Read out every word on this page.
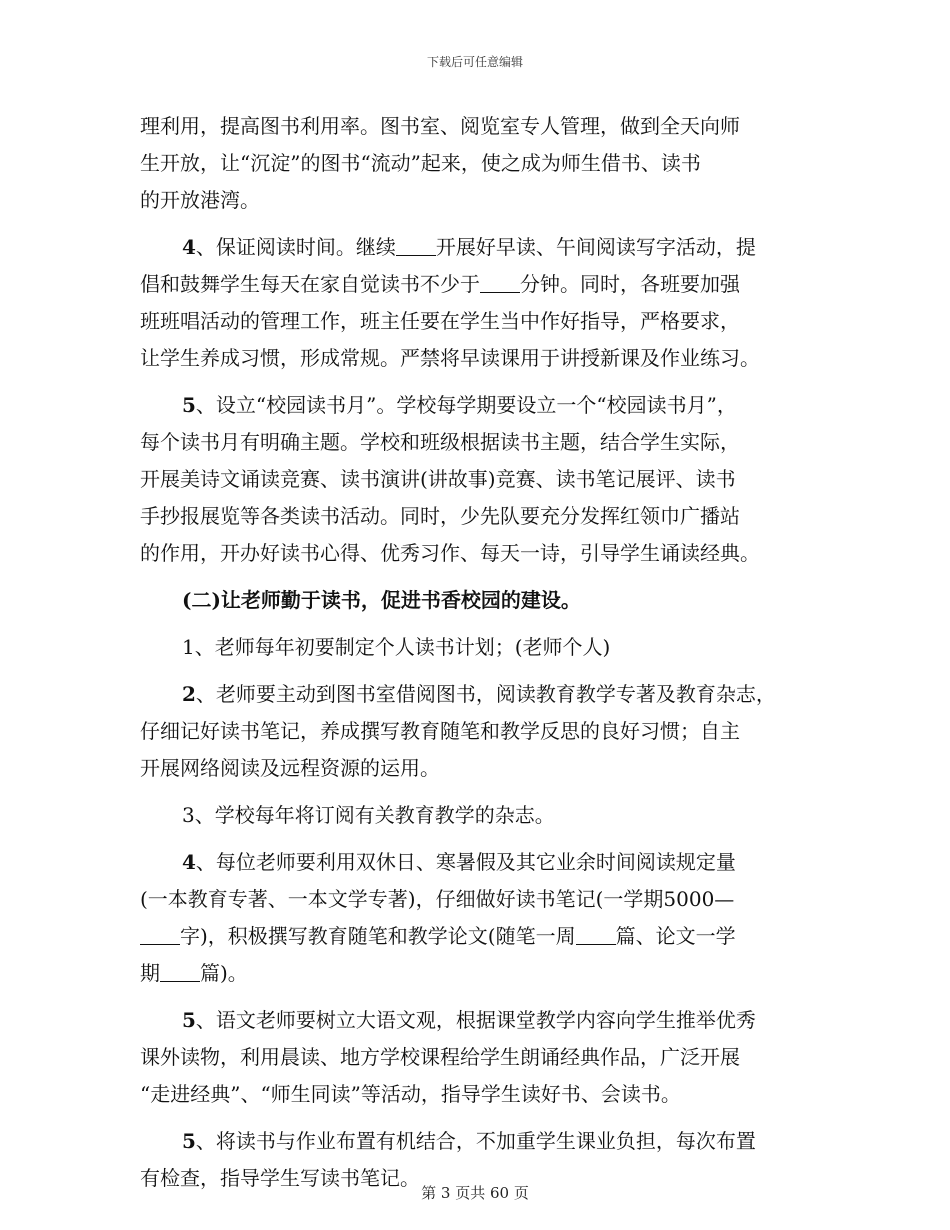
下载后可任意编辑
理利用，提高图书利用率。图书室、阅览室专人管理，做到全天向师
生开放，让“沉淀”的图书“流动”起来，使之成为师生借书、读书
的开放港湾。
4、保证阅读时间。继续 开展好早读、午间阅读写字活动，提
倡和鼓舞学生每天在家自觉读书不少于 分钟。同时，各班要加强
班班唱活动的管理工作，班主任要在学生当中作好指导，严格要求，
让学生养成习惯，形成常规。严禁将早读课用于讲授新课及作业练习。
5、设立“校园读书月”。学校每学期要设立一个“校园读书月”，
每个读书月有明确主题。学校和班级根据读书主题，结合学生实际，
开展美诗文诵读竞赛、读书演讲(讲故事)竞赛、读书笔记展评、读书
手抄报展览等各类读书活动。同时，少先队要充分发挥红领巾广播站
的作用，开办好读书心得、优秀习作、每天一诗，引导学生诵读经典。
(二)让老师勤于读书，促进书香校园的建设。
1、老师每年初要制定个人读书计划；(老师个人)
2、老师要主动到图书室借阅图书，阅读教育教学专著及教育杂志，
仔细记好读书笔记，养成撰写教育随笔和教学反思的良好习惯；自主
开展网络阅读及远程资源的运用。
3、学校每年将订阅有关教育教学的杂志。
4、每位老师要利用双休日、寒暑假及其它业余时间阅读规定量
(一本教育专著、一本文学专著)，仔细做好读书笔记(一学期5000—
字)，积极撰写教育随笔和教学论文(随笔一周 篇、论文一学
期 篇)。
5、语文老师要树立大语文观，根据课堂教学内容向学生推举优秀
课外读物，利用晨读、地方学校课程给学生朗诵经典作品，广泛开展
“走进经典”、“师生同读”等活动，指导学生读好书、会读书。
5、将读书与作业布置有机结合，不加重学生课业负担，每次布置
有检查，指导学生写读书笔记。
第 3 页共 60 页
